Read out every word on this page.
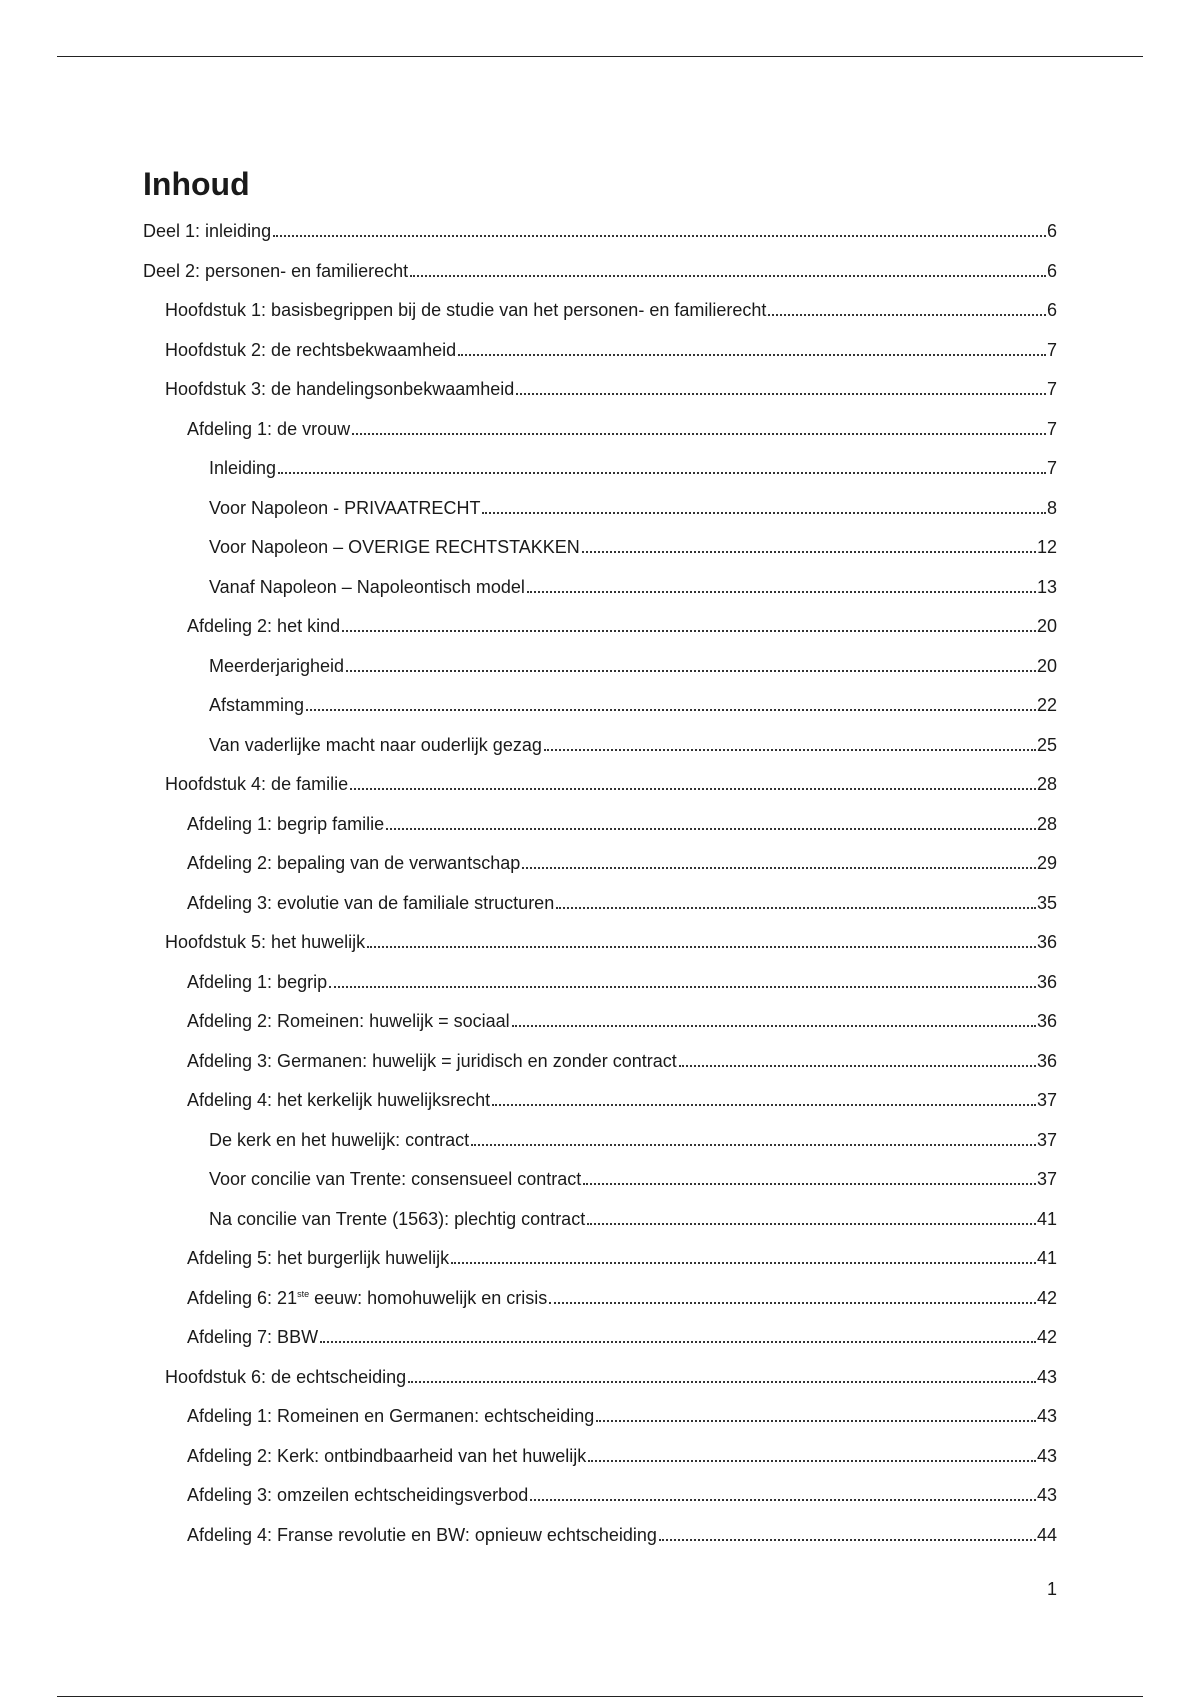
Inhoud
Deel 1: inleiding	6
Deel 2: personen- en familierecht	6
Hoofdstuk 1: basisbegrippen bij de studie van het personen- en familierecht	6
Hoofdstuk 2: de rechtsbekwaamheid	7
Hoofdstuk 3: de handelingsonbekwaamheid	7
Afdeling 1: de vrouw	7
Inleiding	7
Voor Napoleon - PRIVAATRECHT	8
Voor Napoleon – OVERIGE RECHTSTAKKEN	12
Vanaf Napoleon – Napoleontisch model	13
Afdeling 2: het kind	20
Meerderjarigheid	20
Afstamming	22
Van vaderlijke macht naar ouderlijk gezag	25
Hoofdstuk 4: de familie	28
Afdeling 1: begrip familie	28
Afdeling 2: bepaling van de verwantschap	29
Afdeling 3: evolutie van de familiale structuren	35
Hoofdstuk 5: het huwelijk	36
Afdeling 1: begrip	36
Afdeling 2: Romeinen: huwelijk = sociaal	36
Afdeling 3: Germanen: huwelijk = juridisch en zonder contract	36
Afdeling 4: het kerkelijk huwelijksrecht	37
De kerk en het huwelijk: contract	37
Voor concilie van Trente: consensueel contract	37
Na concilie van Trente (1563): plechtig contract	41
Afdeling 5: het burgerlijk huwelijk	41
Afdeling 6: 21ste eeuw: homohuwelijk en crisis	42
Afdeling 7: BBW	42
Hoofdstuk 6: de echtscheiding	43
Afdeling 1: Romeinen en Germanen: echtscheiding	43
Afdeling 2: Kerk: ontbindbaarheid van het huwelijk	43
Afdeling 3: omzeilen echtscheidingsverbod	43
Afdeling 4: Franse revolutie en BW: opnieuw echtscheiding	44
1
